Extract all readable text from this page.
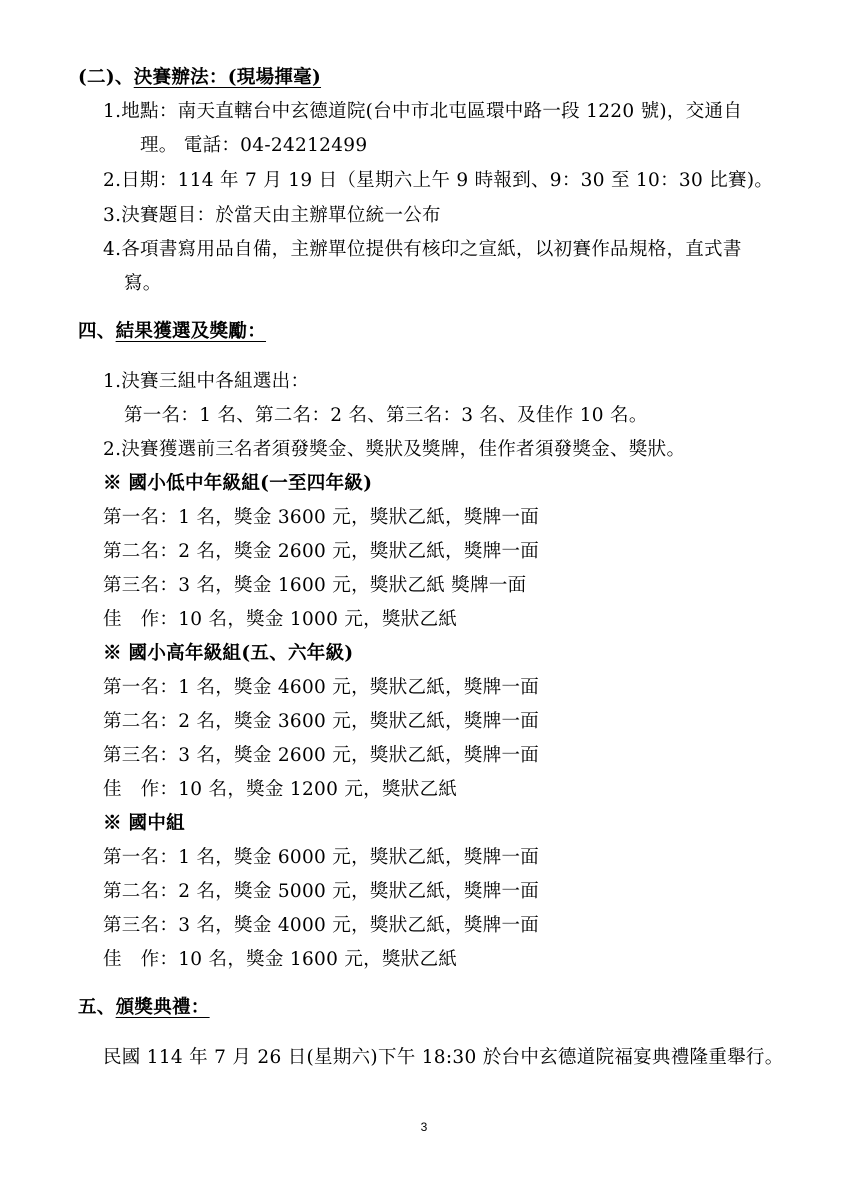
(二)、決賽辦法：(現場揮毫)
1.地點：南天直轄台中玄德道院(台中市北屯區環中路一段 1220 號)，交通自
理。 電話：04-24212499
2.日期：114 年 7 月 19 日（星期六上午 9 時報到、9：30 至 10：30 比賽)。
3.決賽題目：於當天由主辦單位統一公布
4.各項書寫用品自備，主辦單位提供有核印之宣紙，以初賽作品規格，直式書
寫。
四、結果獲選及獎勵：
1.決賽三組中各組選出：
第一名：1 名、第二名：2 名、第三名：3 名、及佳作 10 名。
2.決賽獲選前三名者須發獎金、獎狀及獎牌，佳作者須發獎金、獎狀。
※ 國小低中年級組(一至四年級)
第一名：1 名，獎金 3600 元，獎狀乙紙，獎牌一面
第二名：2 名，獎金 2600 元，獎狀乙紙，獎牌一面
第三名：3 名，獎金 1600 元，獎狀乙紙 獎牌一面
佳　作：10 名，獎金 1000 元，獎狀乙紙
※ 國小高年級組(五、六年級)
第一名：1 名，獎金 4600 元，獎狀乙紙，獎牌一面
第二名：2 名，獎金 3600 元，獎狀乙紙，獎牌一面
第三名：3 名，獎金 2600 元，獎狀乙紙，獎牌一面
佳　作：10 名，獎金 1200 元，獎狀乙紙
※ 國中組
第一名：1 名，獎金 6000 元，獎狀乙紙，獎牌一面
第二名：2 名，獎金 5000 元，獎狀乙紙，獎牌一面
第三名：3 名，獎金 4000 元，獎狀乙紙，獎牌一面
佳　作：10 名，獎金 1600 元，獎狀乙紙
五、頒獎典禮：
民國 114 年 7 月 26 日(星期六)下午 18:30 於台中玄德道院福宴典禮隆重舉行。
3
